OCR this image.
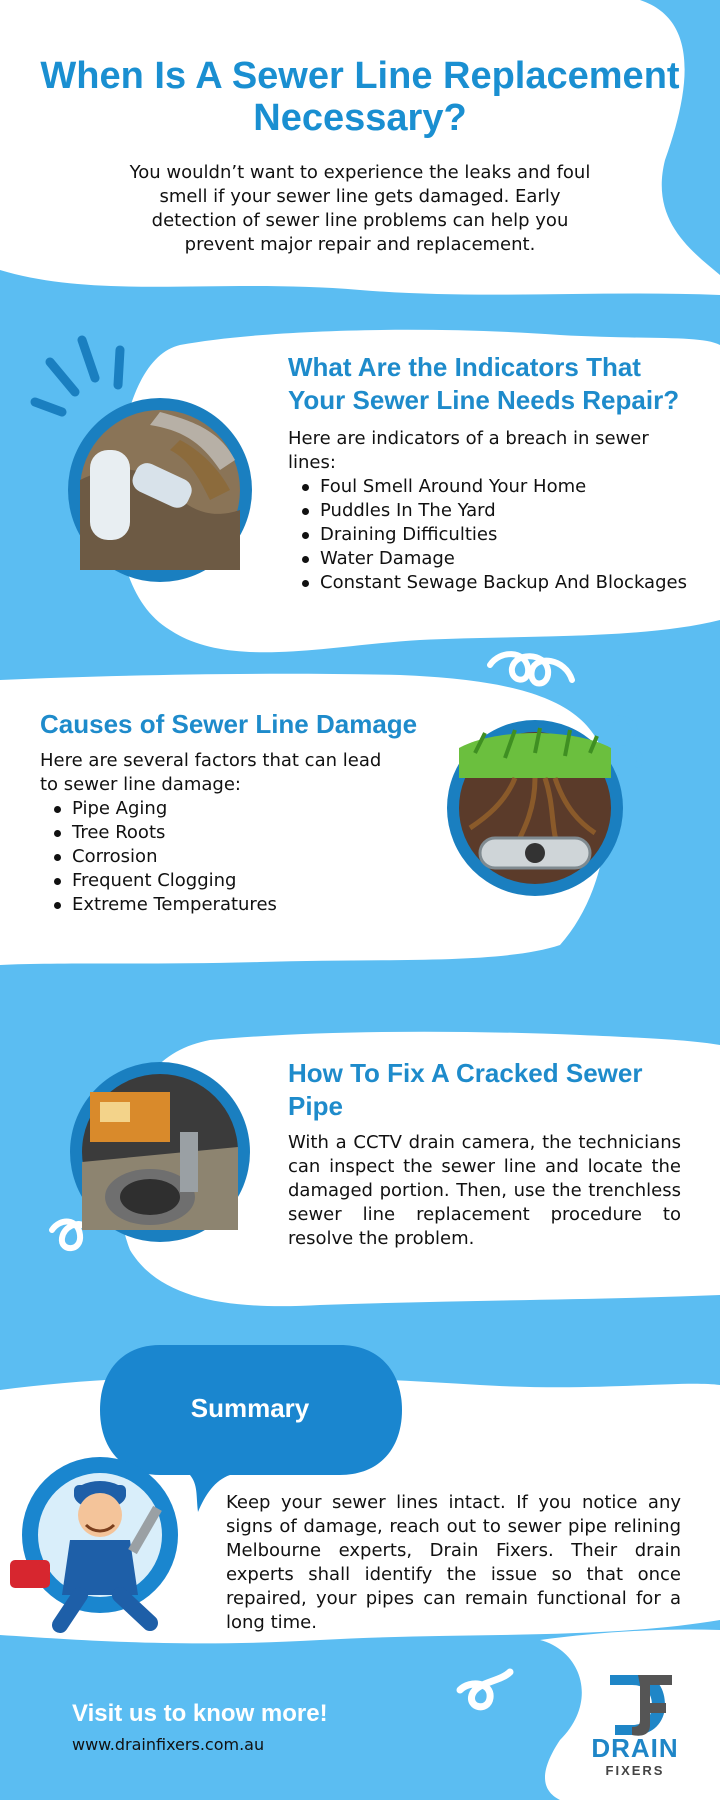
When Is A Sewer Line Replacement Necessary?

You wouldn’t want to experience the leaks and foul smell if your sewer line gets damaged. Early detection of sewer line problems can help you prevent major repair and replacement.

What Are the Indicators That Your Sewer Line Needs Repair?

Here are indicators of a breach in sewer lines:

Foul Smell Around Your Home
Puddles In The Yard
Draining Difficulties
Water Damage
Constant Sewage Backup And Blockages
Causes of Sewer Line Damage

Here are several factors that can lead to sewer line damage:

Pipe Aging
Tree Roots
Corrosion
Frequent Clogging
Extreme Temperatures
How To Fix A Cracked Sewer Pipe

With a CCTV drain camera, the technicians can inspect the sewer line and locate the damaged portion. Then, use the trenchless sewer line replacement procedure to resolve the problem.

Summary

Keep your sewer lines intact. If you notice any signs of damage, reach out to sewer pipe relining Melbourne experts, Drain Fixers. Their drain experts shall identify the issue so that once repaired, your pipes can remain functional for a long time.

Visit us to know more!
www.drainfixers.com.au	DRAIN
FIXERS
